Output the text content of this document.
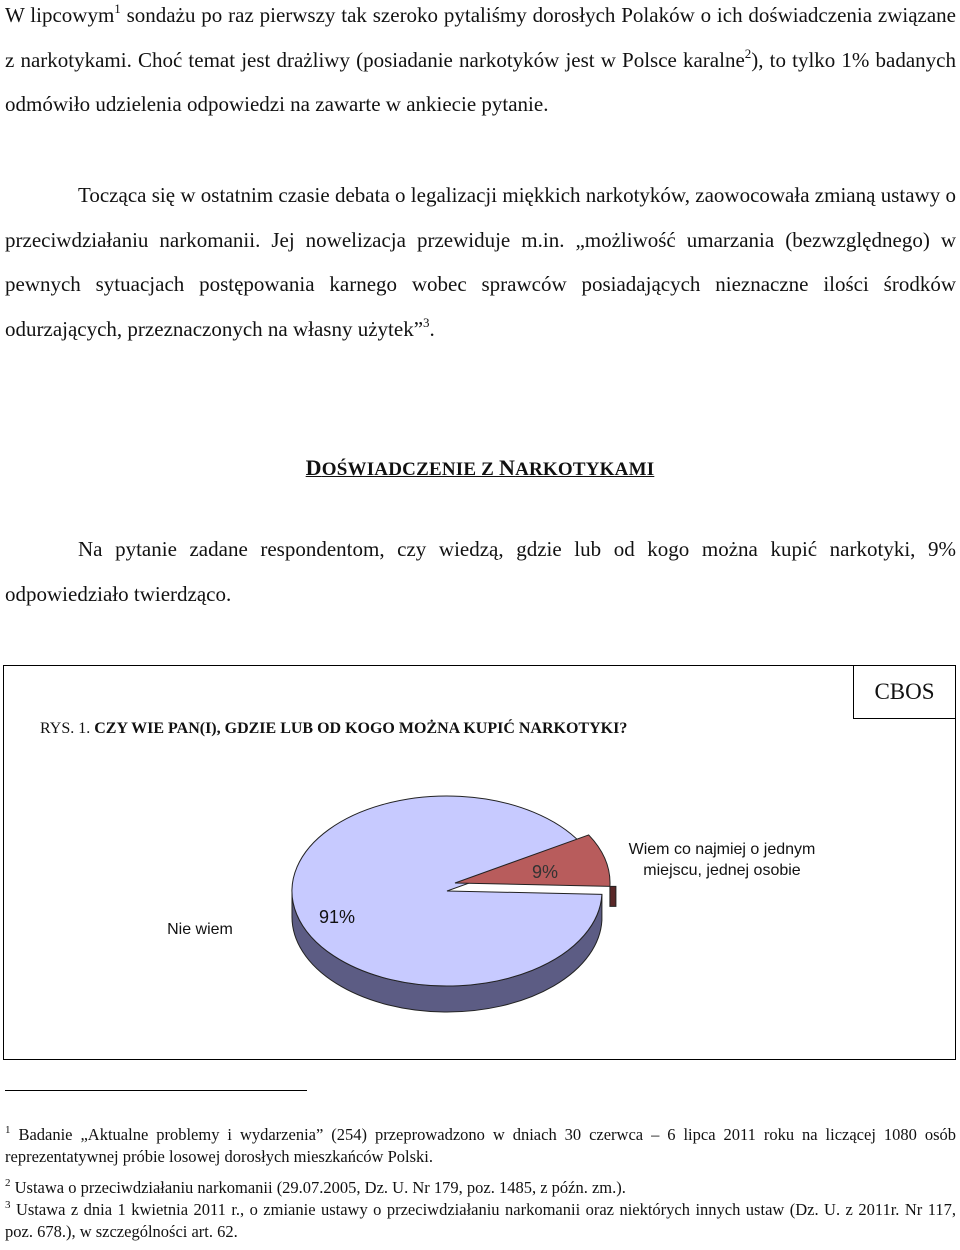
W lipcowym$^1$ sondażu po raz pierwszy tak szeroko pytaliśmy dorosłych Polaków o ich doświadczenia związane z narkotykami. Choć temat jest drażliwy (posiadanie narkotyków jest w Polsce karalne$^2$), to tylko 1% badanych odmówiło udzielenia odpowiedzi na zawarte w ankiecie pytanie.

Tocząca się w ostatnim czasie debata o legalizacji miękkich narkotyków, zaowocowała zmianą ustawy o przeciwdziałaniu narkomanii. Jej nowelizacja przewiduje m.in. „możliwość umarzania (bezwzględnego) w pewnych sytuacjach postępowania karnego wobec sprawców posiadających nieznaczne ilości środków odurzających, przeznaczonych na własny użytek”$^3$.

DOŚWIADCZENIE Z NARKOTYKAMI

Na pytanie zadane respondentom, czy wiedzą, gdzie lub od kogo można kupić narkotyki, 9% odpowiedziało twierdząco.

CBOS
RYS. 1. CZY WIE PAN(I), GDZIE LUB OD KOGO MOŻNA KUPIĆ NARKOTYKI?
9%
91%
Nie wiem
Wiem co najmiej o jednym
miejscu, jednej osobie

$^1$ Badanie „Aktualne problemy i wydarzenia” (254) przeprowadzono w dniach 30 czerwca – 6 lipca 2011 roku na liczącej 1080 osób reprezentatywnej próbie losowej dorosłych mieszkańców Polski.

$^2$ Ustawa o przeciwdziałaniu narkomanii (29.07.2005, Dz. U. Nr 179, poz. 1485, z późn. zm.).

$^3$ Ustawa z dnia 1 kwietnia 2011 r., o zmianie ustawy o przeciwdziałaniu narkomanii oraz niektórych innych ustaw (Dz. U. z 2011r. Nr 117, poz. 678.), w szczególności art. 62.
